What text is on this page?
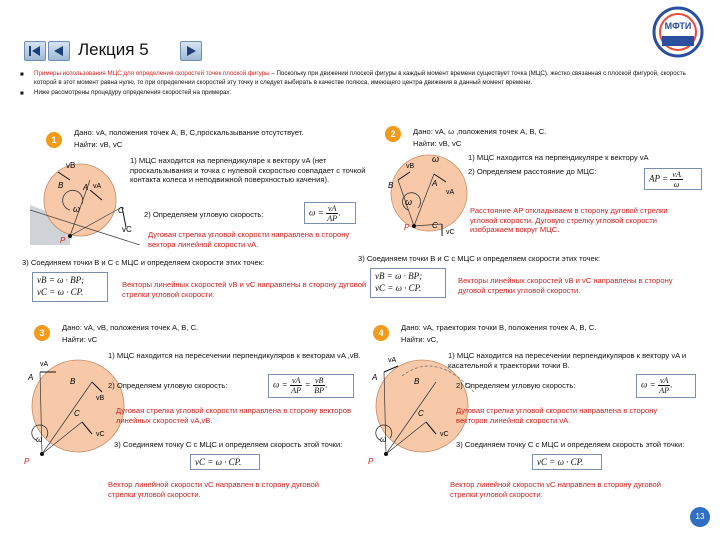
Лекция 5
МФТИ
■	Примеры использования МЦС для определения скоростей точек плоской фигуры – Поскольку при движении плоской фигуры в каждый момент времени существует точка (МЦС), жестко связанная с плоской фигурой, скорость которой в этот момент равна нулю, то при определении скоростей эту точку и следует выбирать в качестве полюса, имеющего центра движения в данный момент времени.
■	Ниже рассмотрены процедуру определения скоростей на примерах:
1
Дано: vA, положения точек A, B, C,проскальзывание отсутствует.
Найти: vB, vC
vB
B A vA
ω	C
vC
P
1) МЦС находится на перпендикуляре к вектору vA (нет проскальзывания и точка с нулевой скоростью совпадает с точкой контакта колеса и неподвижной поверхностью качения).
2) Определяем угловую скорость:	$\omega = \frac{vA}{AP}$ .
Дуговая стрелка угловой скорости направлена в сторону вектора линейной скорости vA.
3) Соединяем точки B и C с МЦС и определяем скорости этих точек:
vB = ω · BP;
vC = ω · CP.
Векторы линейных скоростей vB и vC направлены в сторону дуговой стрелки угловой скорости.
2	Дано: vA, ω ,положения точек A, B, C.
Найти: vB, vC
ω
vB
B	A
vA
ω
C
vC
P
1) МЦС находится на перпендикуляре к вектору vA
2) Определяем расстояние до МЦС:
AP = $\frac{vA}{\omega}$
Расстояние AP откладываем в сторону дуговой стрелки угловой скорости. Дуговую стрелку угловой скорости изображаем вокруг МЦС.
3) Соединяем точки B и C с МЦС и определяем скорости этих точек:
vB = ω · BP;
vC = ω · CP.
Векторы линейных скоростей vB и vC направлены в сторону дуговой стрелки угловой скорости.
3
Дано: vA, vB, положения точек A, B, C.
Найти: vC
vA
A	B
vB
C
vC
ω
P
1) МЦС находится на пересечении перпендикуляров к векторам vA ,vB.
2) Определяем угловую скорость:	$\omega = \frac{vA}{AP} = \frac{vB}{BP}$ .
Дуговая стрелка угловой скорости направлена в сторону векторов линейных скоростей vA,vB.
3) Соединяем точку C с МЦС и определяем скорость этой точки:
vC = ω · CP.
Вектор линейной скорости vC направлен в сторону дуговой стрелки угловой скорости.
4
Дано: vA, траектория точки B, положения точек A, B, C.
Найти: vC,
vA
A	B
C
vC
ω
P
1) МЦС находится на пересечении перпендикуляров к вектору vA и касательной к траектории точки B.
2) Определяем угловую скорость:	$\omega = \frac{vA}{AP}$ .
Дуговая стрелка угловой скорости направлена в сторону векторов линейной скорости vA.
3) Соединяем точку C с МЦС и определяем скорость этой точки:
vC = ω · CP.
Вектор линейной скорости vC направлен в сторону дуговой стрелки угловой скорости.
13
